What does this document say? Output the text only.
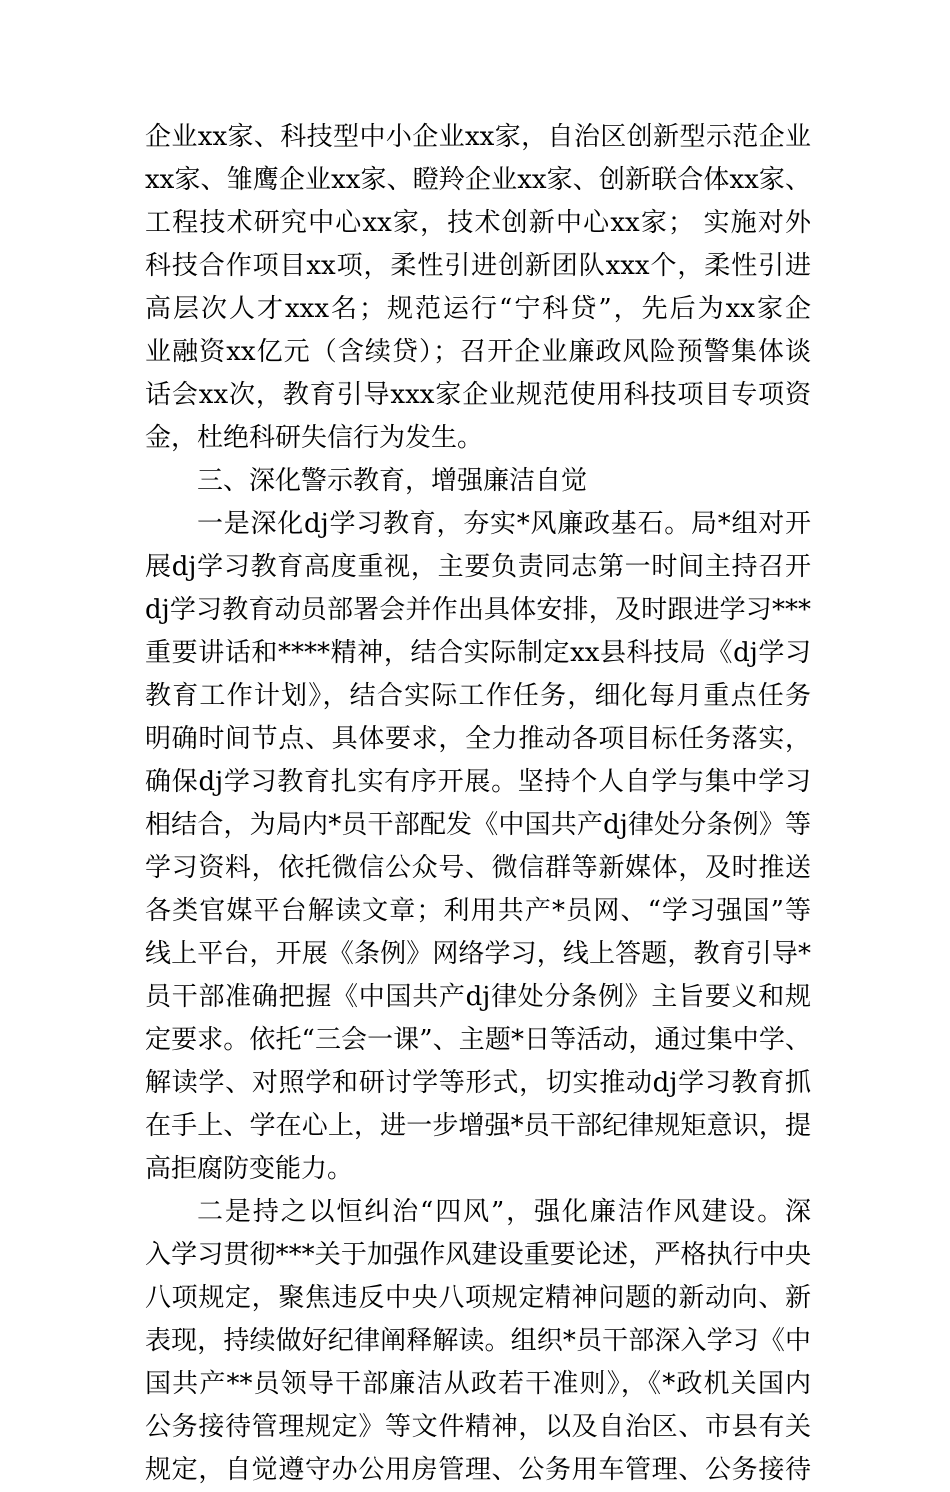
企业xx家、科技型中小企业xx家，自治区创新型示范企业
xx家、雏鹰企业xx家、瞪羚企业xx家、创新联合体xx家、
工程技术研究中心xx家，技术创新中心xx家； 实施对外
科技合作项目xx项，柔性引进创新团队xxx个，柔性引进
高层次人才xxx名；规范运行“宁科贷”，先后为xx家企
业融资xx亿元（含续贷）；召开企业廉政风险预警集体谈
话会xx次，教育引导xxx家企业规范使用科技项目专项资
金，杜绝科研失信行为发生。
三、深化警示教育，增强廉洁自觉
一是深化dj学习教育，夯实*风廉政基石。局*组对开
展dj学习教育高度重视，主要负责同志第一时间主持召开
dj学习教育动员部署会并作出具体安排，及时跟进学习***
重要讲话和****精神，结合实际制定xx县科技局《dj学习
教育工作计划》，结合实际工作任务，细化每月重点任务
明确时间节点、具体要求，全力推动各项目标任务落实，
确保dj学习教育扎实有序开展。坚持个人自学与集中学习
相结合，为局内*员干部配发《中国共产dj律处分条例》等
学习资料，依托微信公众号、微信群等新媒体，及时推送
各类官媒平台解读文章；利用共产*员网、“学习强国”等
线上平台，开展《条例》网络学习，线上答题，教育引导*
员干部准确把握《中国共产dj律处分条例》主旨要义和规
定要求。依托“三会一课”、主题*日等活动，通过集中学、
解读学、对照学和研讨学等形式，切实推动dj学习教育抓
在手上、学在心上，进一步增强*员干部纪律规矩意识，提
高拒腐防变能力。
二是持之以恒纠治“四风”，强化廉洁作风建设。深
入学习贯彻***关于加强作风建设重要论述，严格执行中央
八项规定，聚焦违反中央八项规定精神问题的新动向、新
表现，持续做好纪律阐释解读。组织*员干部深入学习《中
国共产**员领导干部廉洁从政若干准则》，《*政机关国内
公务接待管理规定》等文件精神，以及自治区、市县有关
规定，自觉遵守办公用房管理、公务用车管理、公务接待
